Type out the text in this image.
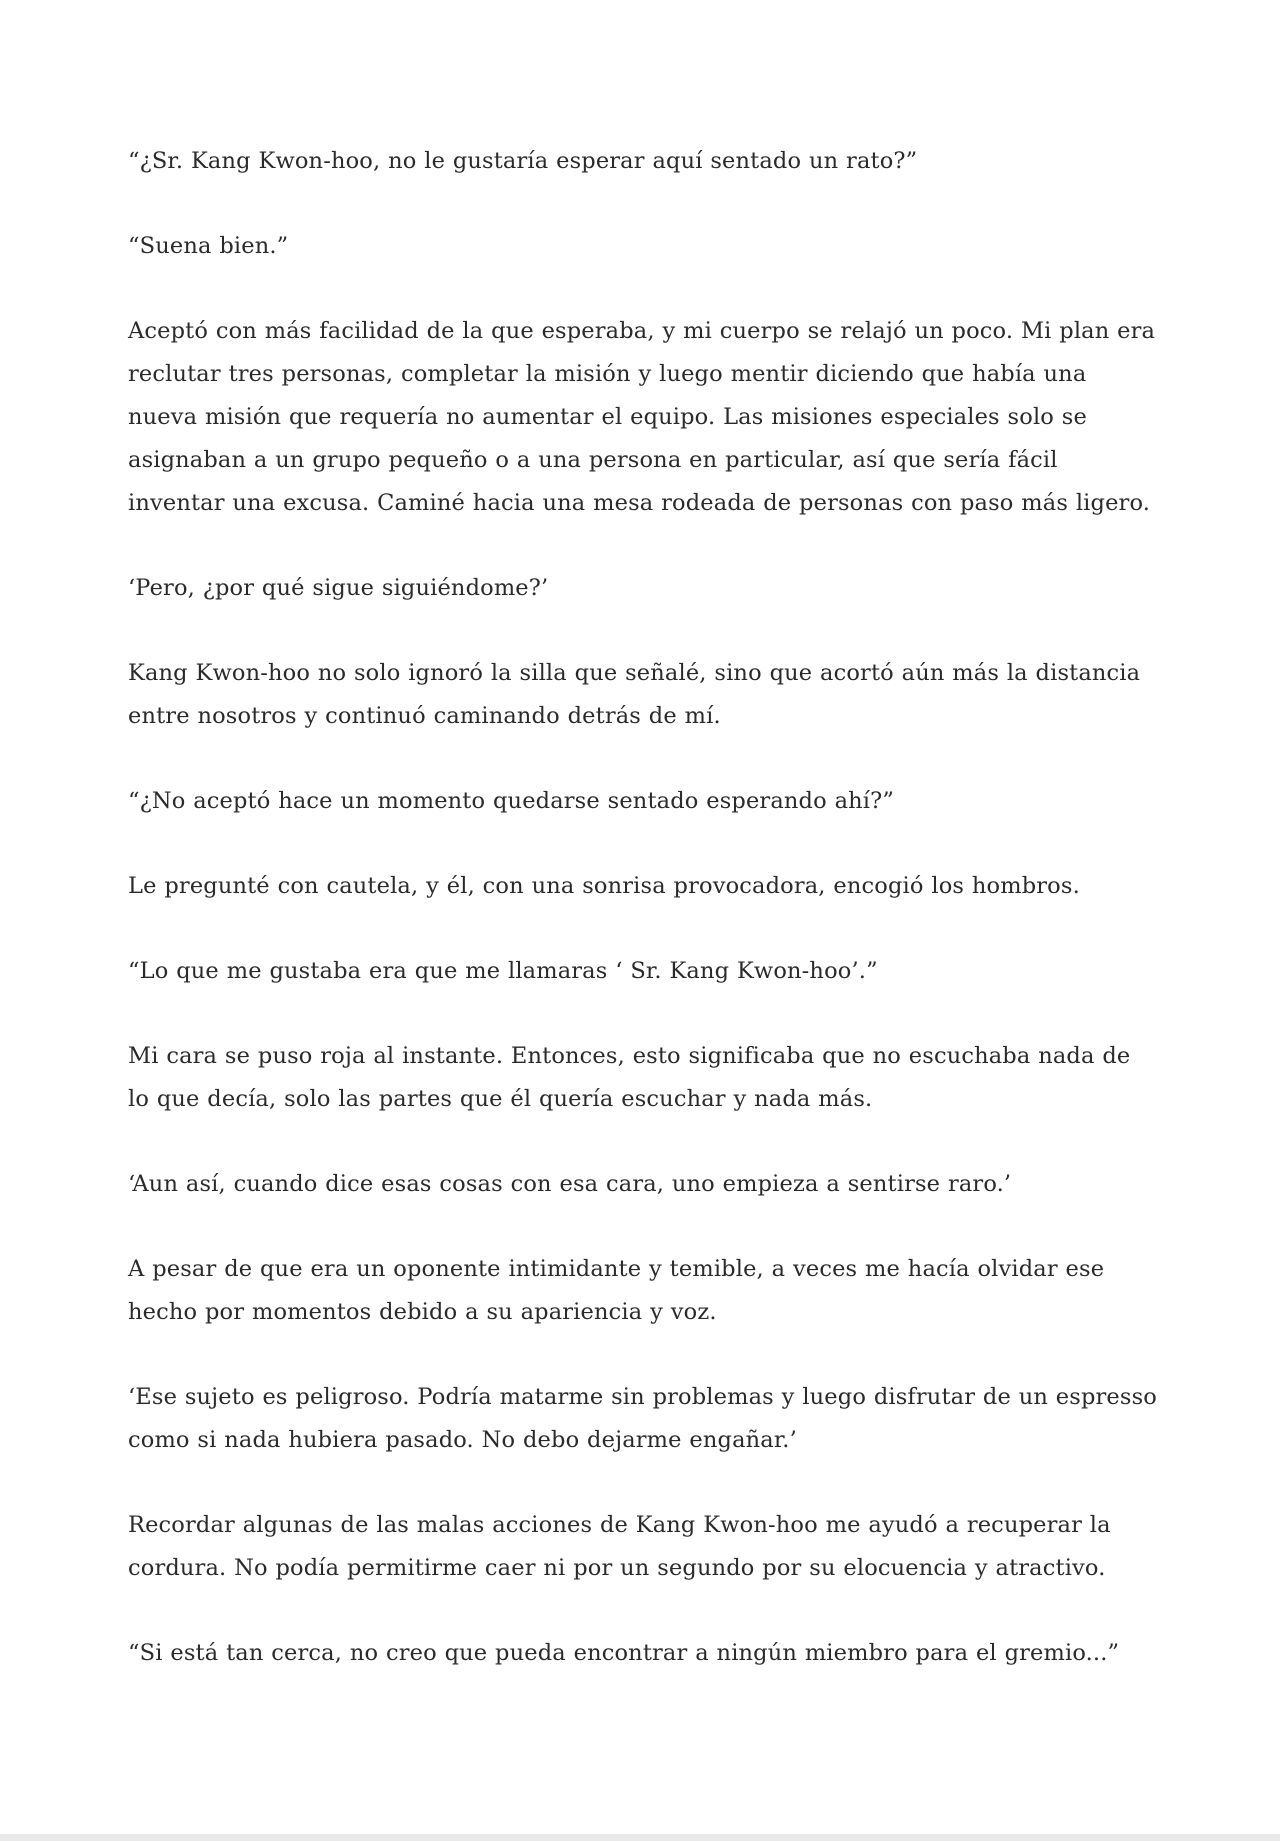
“¿Sr. Kang Kwon-hoo, no le gustaría esperar aquí sentado un rato?”

“Suena bien.”

Aceptó con más facilidad de la que esperaba, y mi cuerpo se relajó un poco. Mi plan era reclutar tres personas, completar la misión y luego mentir diciendo que había una nueva misión que requería no aumentar el equipo. Las misiones especiales solo se asignaban a un grupo pequeño o a una persona en particular, así que sería fácil inventar una excusa. Caminé hacia una mesa rodeada de personas con paso más ligero.

‘Pero, ¿por qué sigue siguiéndome?’

Kang Kwon-hoo no solo ignoró la silla que señalé, sino que acortó aún más la distancia entre nosotros y continuó caminando detrás de mí.

“¿No aceptó hace un momento quedarse sentado esperando ahí?”

Le pregunté con cautela, y él, con una sonrisa provocadora, encogió los hombros.

“Lo que me gustaba era que me llamaras ‘ Sr. Kang Kwon-hoo’.”

Mi cara se puso roja al instante. Entonces, esto significaba que no escuchaba nada de lo que decía, solo las partes que él quería escuchar y nada más.

‘Aun así, cuando dice esas cosas con esa cara, uno empieza a sentirse raro.’

A pesar de que era un oponente intimidante y temible, a veces me hacía olvidar ese hecho por momentos debido a su apariencia y voz.

‘Ese sujeto es peligroso. Podría matarme sin problemas y luego disfrutar de un espresso como si nada hubiera pasado. No debo dejarme engañar.’

Recordar algunas de las malas acciones de Kang Kwon-hoo me ayudó a recuperar la cordura. No podía permitirme caer ni por un segundo por su elocuencia y atractivo.

“Si está tan cerca, no creo que pueda encontrar a ningún miembro para el gremio...”
